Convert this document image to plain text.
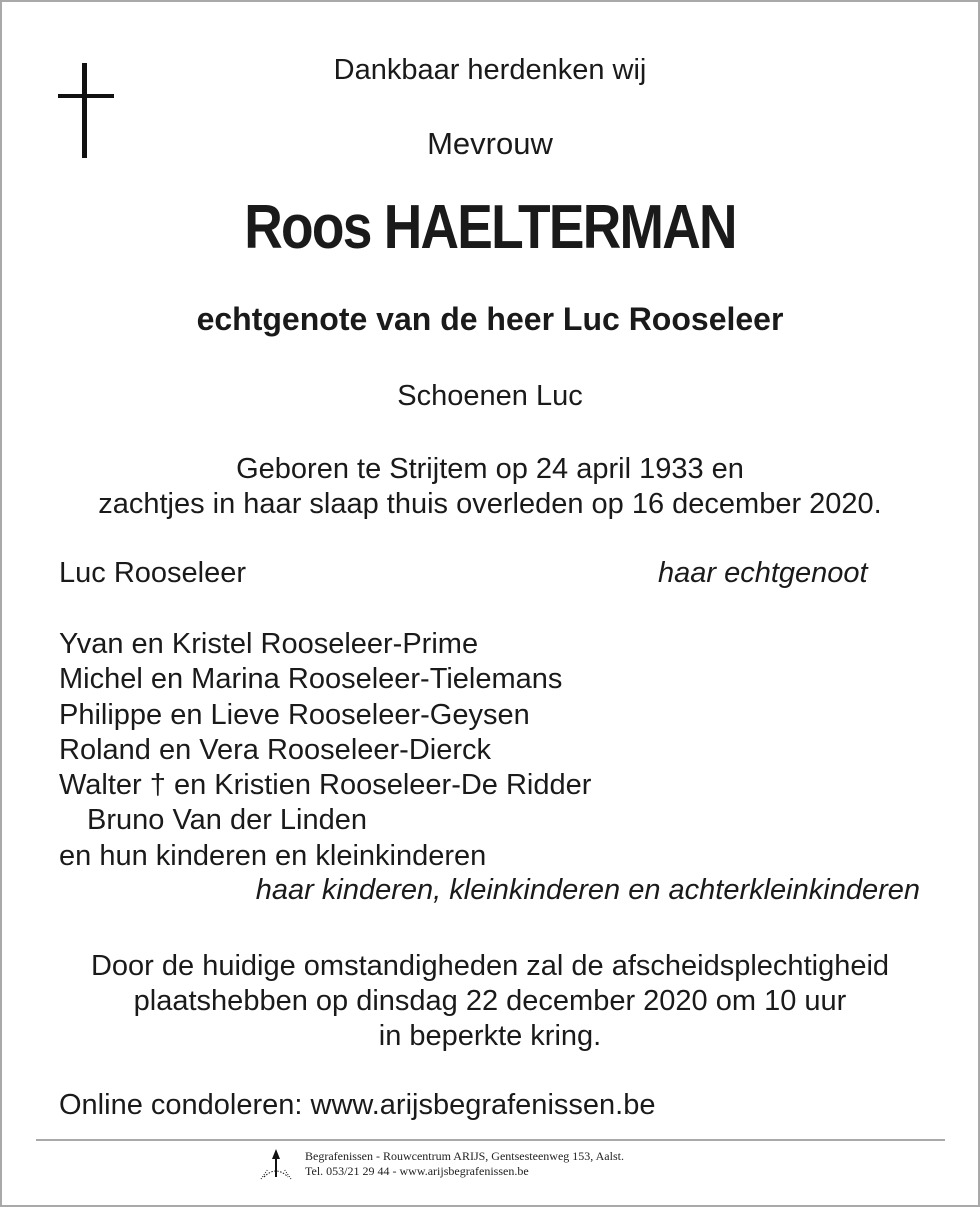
Dankbaar herdenken wij
Mevrouw
Roos HAELTERMAN
echtgenote van de heer Luc Rooseleer
Schoenen Luc
Geboren te Strijtem op 24 april 1933 en
zachtjes in haar slaap thuis overleden op 16 december 2020.
Luc Rooseleer	haar echtgenoot
Yvan en Kristel Rooseleer-Prime
Michel en Marina Rooseleer-Tielemans
Philippe en Lieve Rooseleer-Geysen
Roland en Vera Rooseleer-Dierck
Walter † en Kristien Rooseleer-De Ridder
Bruno Van der Linden
en hun kinderen en kleinkinderen
haar kinderen, kleinkinderen en achterkleinkinderen
Door de huidige omstandigheden zal de afscheidsplechtigheid
plaatshebben op dinsdag 22 december 2020 om 10 uur
in beperkte kring.
Online condoleren: www.arijsbegrafenissen.be
Begrafenissen - Rouwcentrum ARIJS, Gentsesteenweg 153, Aalst.
Tel. 053/21 29 44 - www.arijsbegrafenissen.be
